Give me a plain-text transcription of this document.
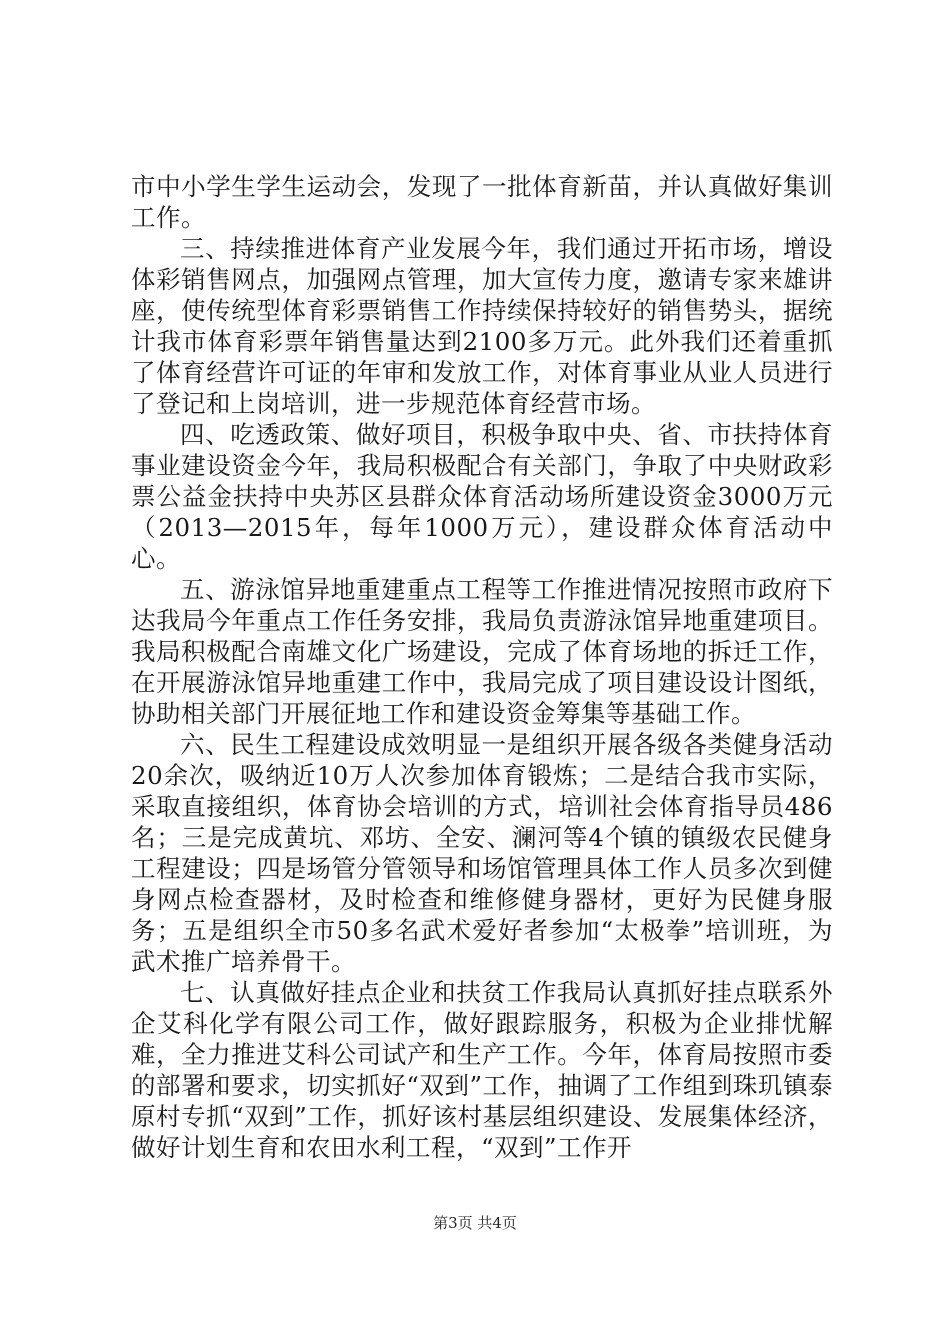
市中小学生学生运动会，发现了一批体育新苗，并认真做好集训工作。

三、持续推进体育产业发展今年，我们通过开拓市场，增设体彩销售网点，加强网点管理，加大宣传力度，邀请专家来雄讲座，使传统型体育彩票销售工作持续保持较好的销售势头，据统计我市体育彩票年销售量达到2100多万元。此外我们还着重抓了体育经营许可证的年审和发放工作，对体育事业从业人员进行了登记和上岗培训，进一步规范体育经营市场。

四、吃透政策、做好项目，积极争取中央、省、市扶持体育事业建设资金今年，我局积极配合有关部门，争取了中央财政彩票公益金扶持中央苏区县群众体育活动场所建设资金3000万元（2013—2015年，每年1000万元），建设群众体育活动中心。

五、游泳馆异地重建重点工程等工作推进情况按照市政府下达我局今年重点工作任务安排，我局负责游泳馆异地重建项目。我局积极配合南雄文化广场建设，完成了体育场地的拆迁工作，在开展游泳馆异地重建工作中，我局完成了项目建设设计图纸，协助相关部门开展征地工作和建设资金筹集等基础工作。

六、民生工程建设成效明显一是组织开展各级各类健身活动20余次，吸纳近10万人次参加体育锻炼；二是结合我市实际，采取直接组织，体育协会培训的方式，培训社会体育指导员486名；三是完成黄坑、邓坊、全安、澜河等4个镇的镇级农民健身工程建设；四是场管分管领导和场馆管理具体工作人员多次到健身网点检查器材，及时检查和维修健身器材，更好为民健身服务；五是组织全市50多名武术爱好者参加“太极拳”培训班，为武术推广培养骨干。

七、认真做好挂点企业和扶贫工作我局认真抓好挂点联系外企艾科化学有限公司工作，做好跟踪服务，积极为企业排忧解难，全力推进艾科公司试产和生产工作。今年，体育局按照市委的部署和要求，切实抓好“双到”工作，抽调了工作组到珠玑镇泰原村专抓“双到”工作，抓好该村基层组织建设、发展集体经济，做好计划生育和农田水利工程，“双到”工作开

第3页 共4页
